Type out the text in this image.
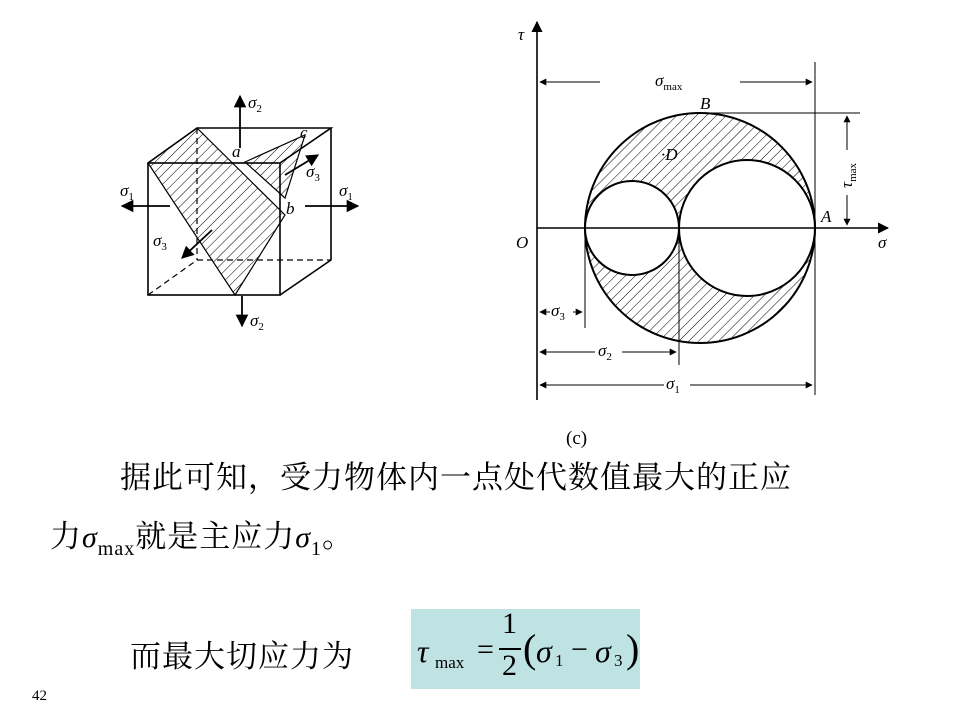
$\sigma_1$	$\sigma_1$
$\sigma_2$
$\sigma_2$
$\sigma_3$
$\sigma_3$
a
b
c
τ
σ
O
A
B
·D
$\sigma_{max}$
$\tau_{max}$
$\sigma_3$
$\sigma_2$
$\sigma_1$
(c)
据此可知，受力物体内一点处代数值最大的正应
力$\sigma_{max}$就是主应力$\sigma_1$。
而最大切应力为 τ max =
1
2 ( σ 1 − σ 3 )
42
